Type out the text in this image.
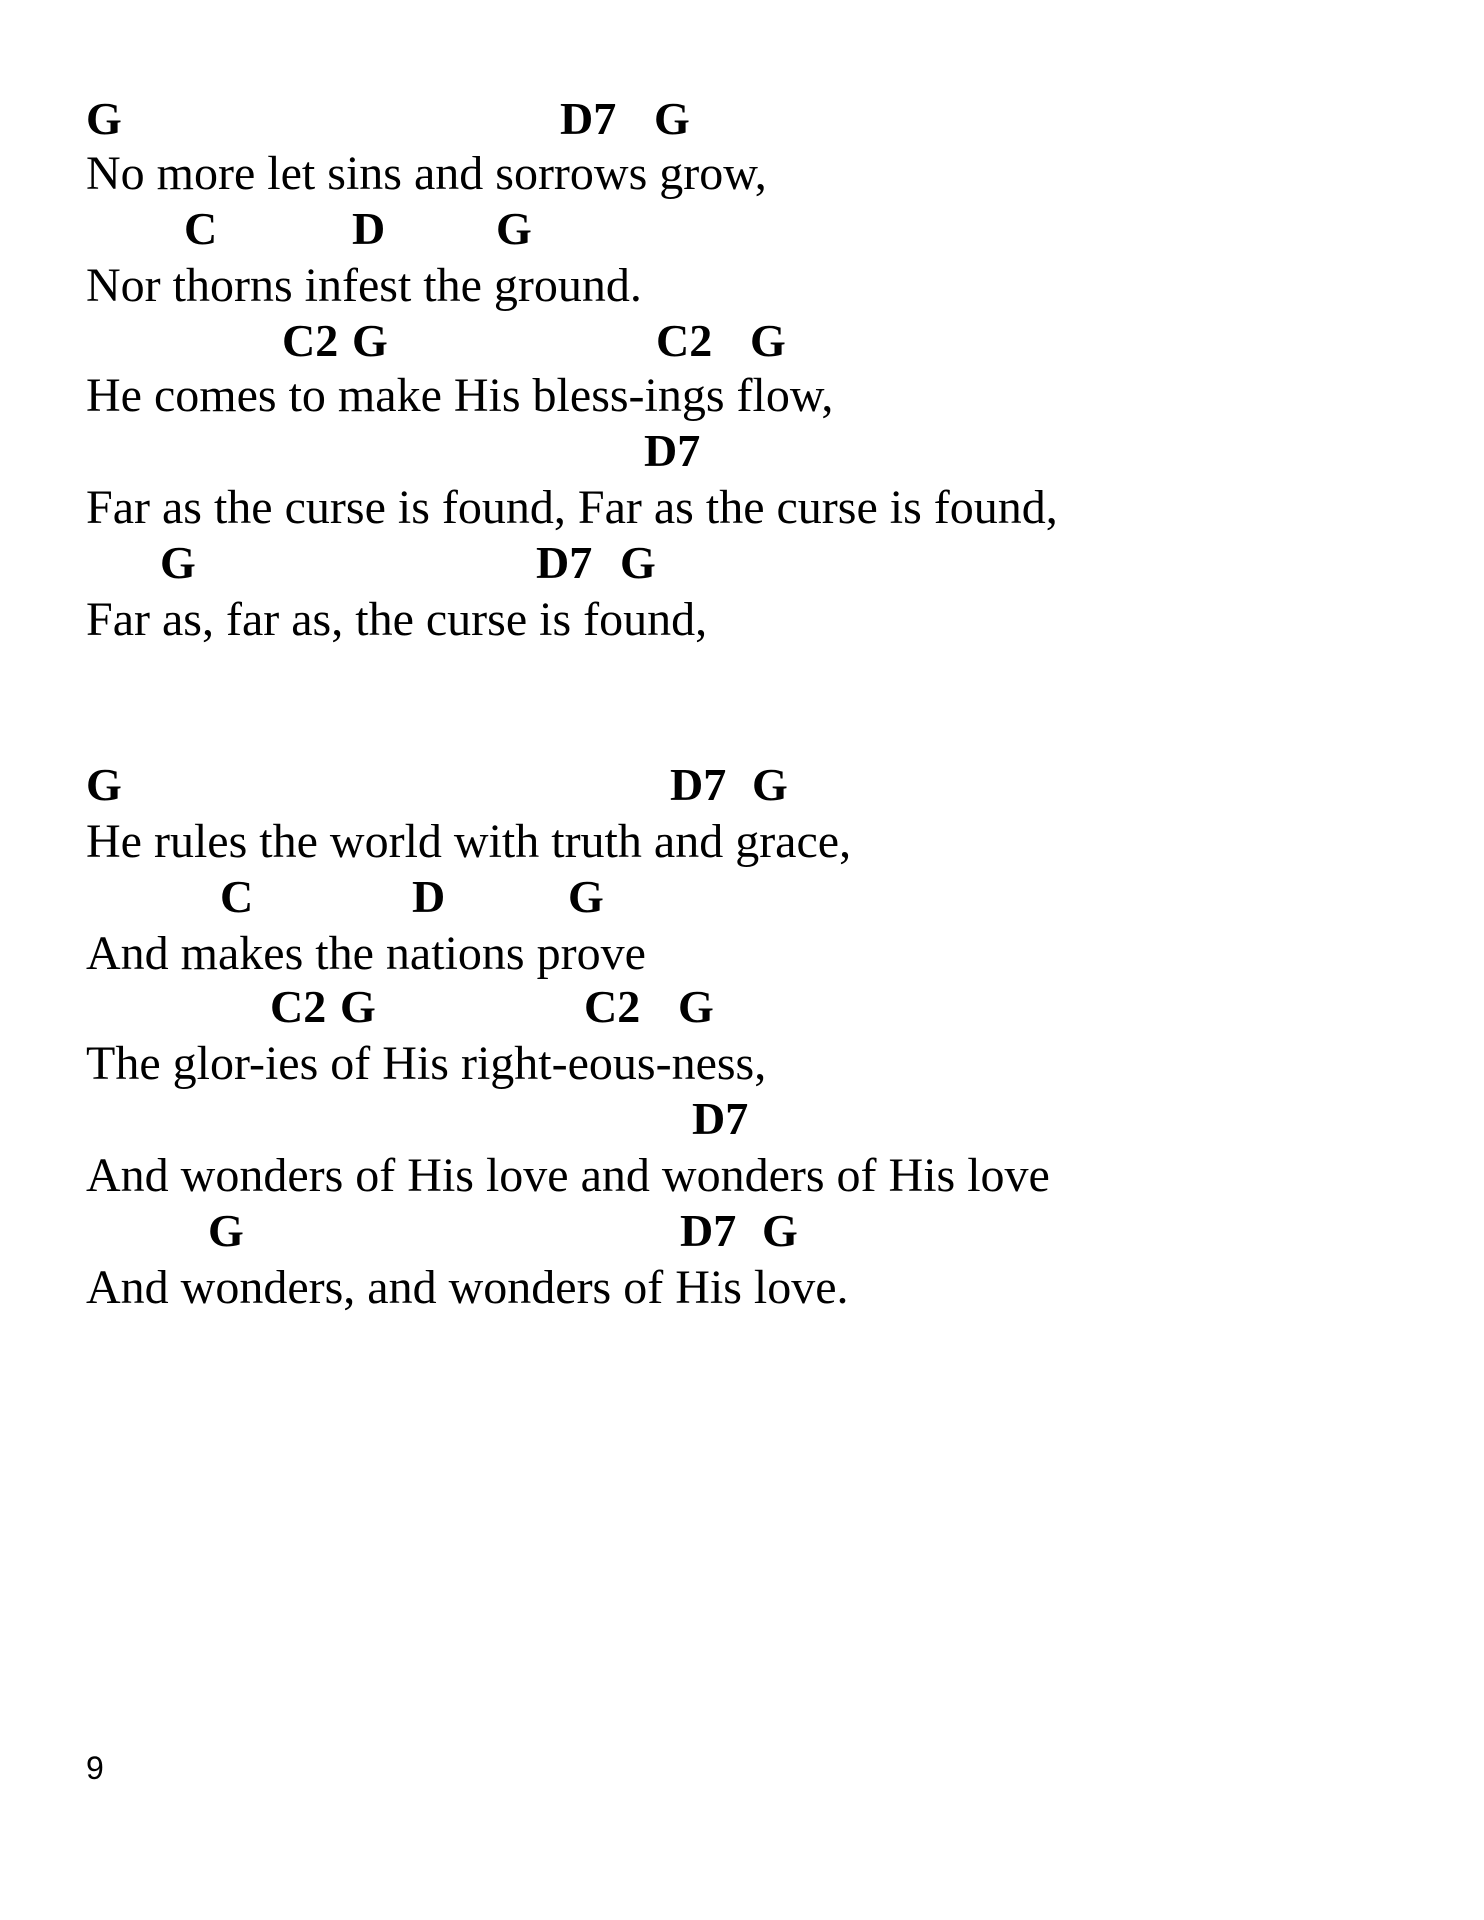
G	D7 G
No more let sins and sorrows grow,
C	D G
Nor thorns infest the ground.
C2 G	C2 G
He comes to make His bless-ings flow,
D7
Far as the curse is found, Far as the curse is found,
G	D7 G
Far as, far as, the curse is found,
G	D7 G
He rules the world with truth and grace,
C	D	G
And makes the nations prove
C2 G	C2 G
The glor-ies of His right-eous-ness,
D7
And wonders of His love and wonders of His love
G	D7 G
And wonders, and wonders of His love.
9
